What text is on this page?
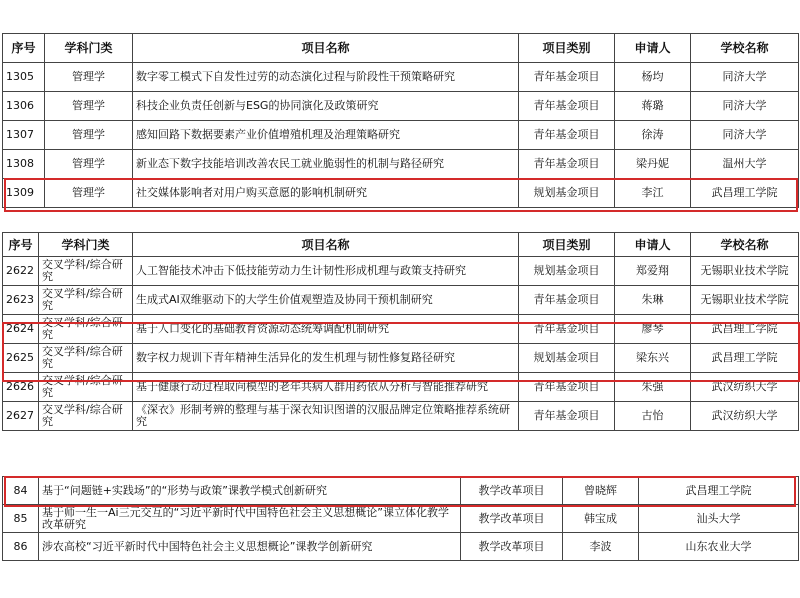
序号	学科门类	项目名称	项目类别	申请人	学校名称
1305	管理学	数字零工模式下自发性过劳的动态演化过程与阶段性干预策略研究	青年基金项目	杨均	同济大学
1306	管理学	科技企业负责任创新与ESG的协同演化及政策研究	青年基金项目	蒋璐	同济大学
1307	管理学	感知回路下数据要素产业价值增殖机理及治理策略研究	青年基金项目	徐涛	同济大学
1308	管理学	新业态下数字技能培训改善农民工就业脆弱性的机制与路径研究	青年基金项目	梁丹妮	温州大学
1309	管理学	社交媒体影响者对用户购买意愿的影响机制研究	规划基金项目	李江	武昌理工学院
序号	学科门类	项目名称	项目类别	申请人	学校名称
2622	交叉学科/综合研究	人工智能技术冲击下低技能劳动力生计韧性形成机理与政策支持研究	规划基金项目	郑爱翔	无锡职业技术学院
2623	交叉学科/综合研究	生成式AI双维驱动下的大学生价值观塑造及协同干预机制研究	青年基金项目	朱琳	无锡职业技术学院
2624	交叉学科/综合研究	基于人口变化的基础教育资源动态统筹调配机制研究	青年基金项目	廖琴	武昌理工学院
2625	交叉学科/综合研究	数字权力规训下青年精神生活异化的发生机理与韧性修复路径研究	规划基金项目	梁东兴	武昌理工学院
2626	交叉学科/综合研究	基于健康行动过程取向模型的老年共病人群用药依从分析与智能推荐研究	青年基金项目	朱强	武汉纺织大学
2627	交叉学科/综合研究	《深衣》形制考辨的整理与基于深衣知识图谱的汉服品牌定位策略推荐系统研究	青年基金项目	古怡	武汉纺织大学
84	基于“问题链+实践场”的“形势与政策”课教学模式创新研究	教学改革项目	曾晓辉	武昌理工学院
85	基于师一生一Ai三元交互的“习近平新时代中国特色社会主义思想概论”课立体化教学改革研究	教学改革项目	韩宝成	汕头大学
86	涉农高校“习近平新时代中国特色社会主义思想概论”课教学创新研究	教学改革项目	李波	山东农业大学
